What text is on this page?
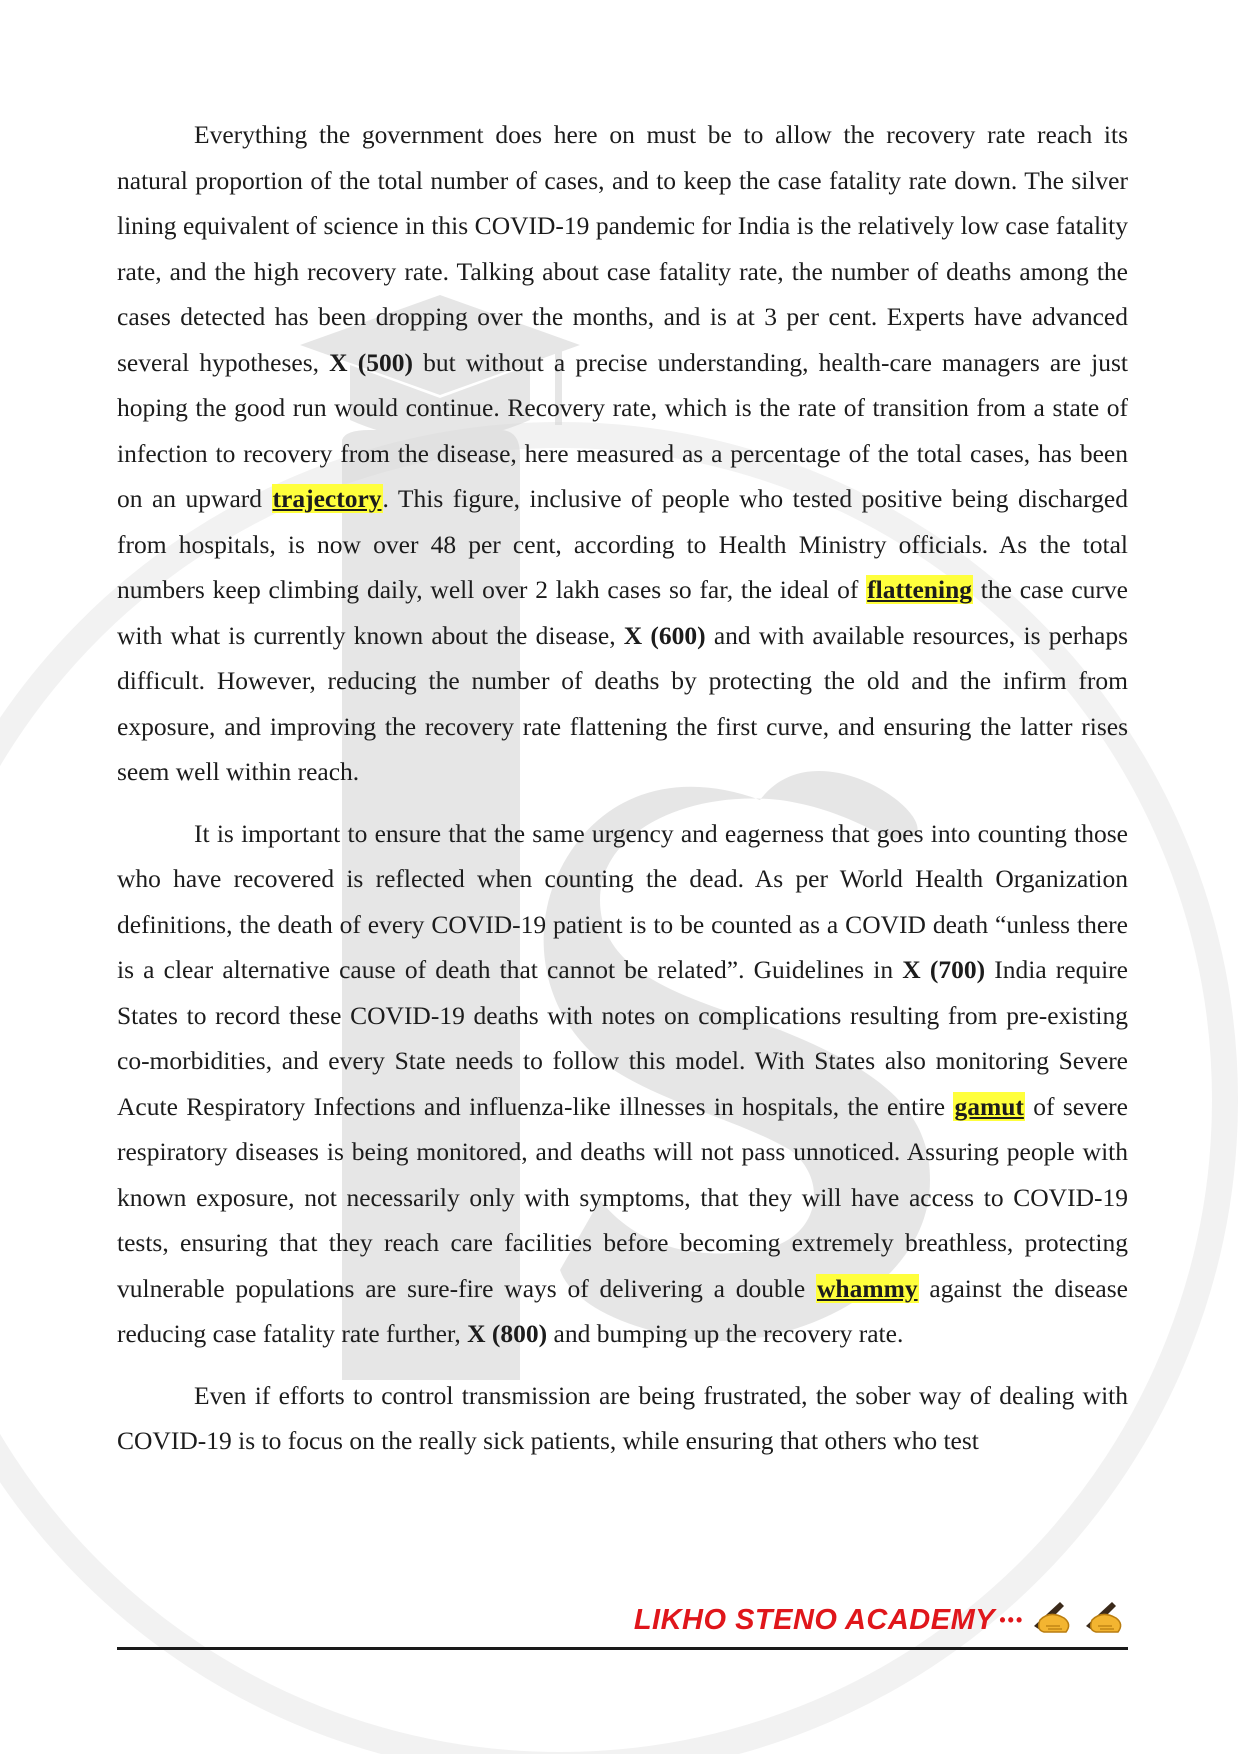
Everything the government does here on must be to allow the recovery rate reach its natural proportion of the total number of cases, and to keep the case fatality rate down. The silver lining equivalent of science in this COVID-19 pandemic for India is the relatively low case fatality rate, and the high recovery rate. Talking about case fatality rate, the number of deaths among the cases detected has been dropping over the months, and is at 3 per cent. Experts have advanced several hypotheses, X (500) but without a precise understanding, health-care managers are just hoping the good run would continue. Recovery rate, which is the rate of transition from a state of infection to recovery from the disease, here measured as a percentage of the total cases, has been on an upward trajectory. This figure, inclusive of people who tested positive being discharged from hospitals, is now over 48 per cent, according to Health Ministry officials. As the total numbers keep climbing daily, well over 2 lakh cases so far, the ideal of flattening the case curve with what is currently known about the disease, X (600) and with available resources, is perhaps difficult. However, reducing the number of deaths by protecting the old and the infirm from exposure, and improving the recovery rate flattening the first curve, and ensuring the latter rises seem well within reach.

It is important to ensure that the same urgency and eagerness that goes into counting those who have recovered is reflected when counting the dead. As per World Health Organization definitions, the death of every COVID-19 patient is to be counted as a COVID death “unless there is a clear alternative cause of death that cannot be related”. Guidelines in X (700) India require States to record these COVID-19 deaths with notes on complications resulting from pre-existing co-morbidities, and every State needs to follow this model. With States also monitoring Severe Acute Respiratory Infections and influenza-like illnesses in hospitals, the entire gamut of severe respiratory diseases is being monitored, and deaths will not pass unnoticed. Assuring people with known exposure, not necessarily only with symptoms, that they will have access to COVID-19 tests, ensuring that they reach care facilities before becoming extremely breathless, protecting vulnerable populations are sure-fire ways of delivering a double whammy against the disease reducing case fatality rate further, X (800) and bumping up the recovery rate.

Even if efforts to control transmission are being frustrated, the sober way of dealing with COVID-19 is to focus on the really sick patients, while ensuring that others who test

LIKHO STENO ACADEMY •••
